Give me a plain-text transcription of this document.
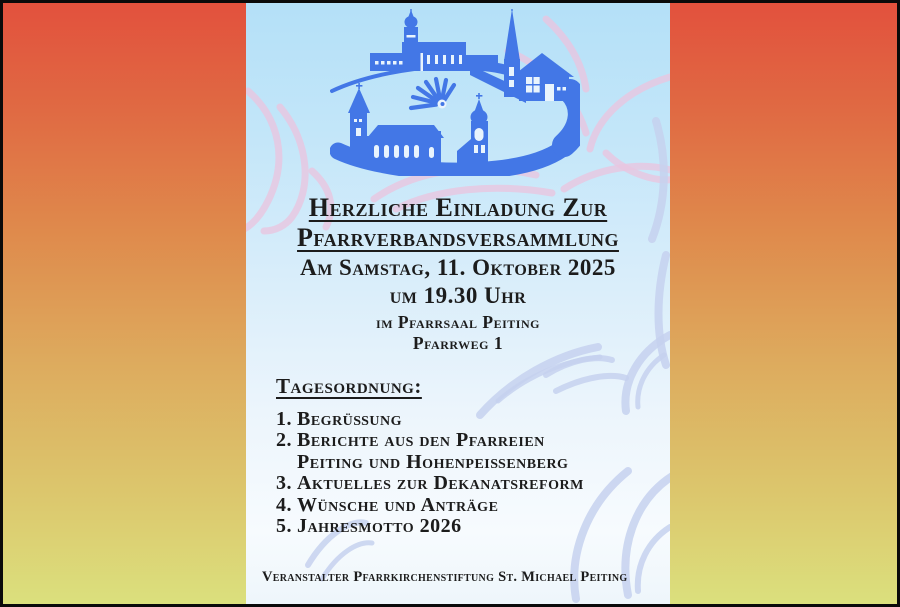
Herzliche Einladung Zur
Pfarrverbandsversammlung
Am Samstag, 11. Oktober 2025
um 19.30 Uhr
im Pfarrsaal Peiting
Pfarrweg 1
Tagesordnung:
1. Begrüßung
2. Berichte aus den Pfarreien
Peiting und Hohenpeißenberg
3. Aktuelles zur Dekanatsreform
4. Wünsche und Anträge
5. Jahresmotto 2026
Veranstalter Pfarrkirchenstiftung St. Michael Peiting
